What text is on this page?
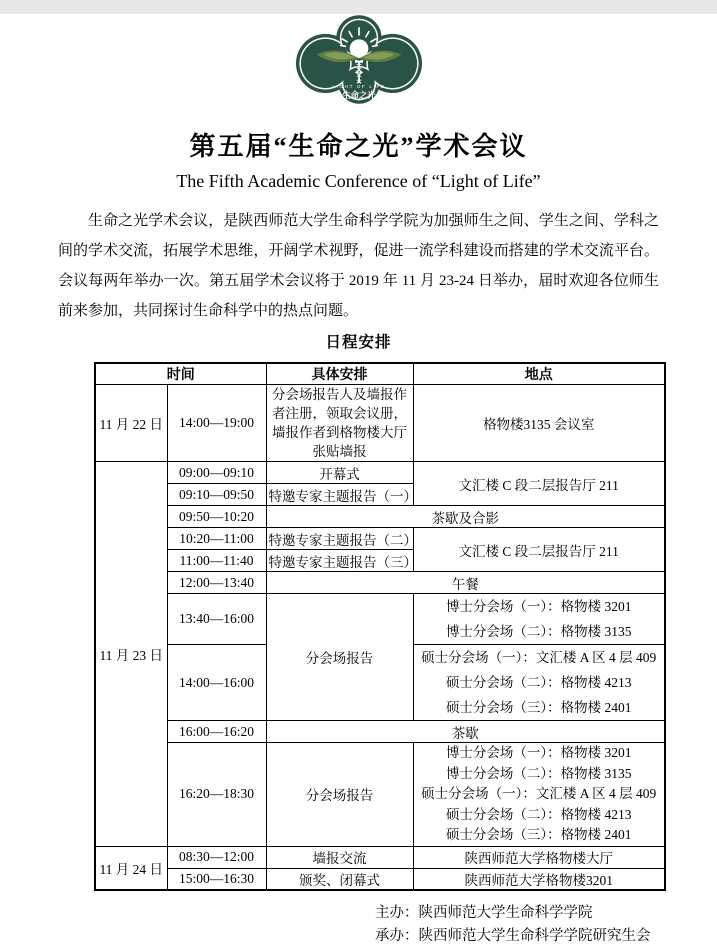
LIGHT OF LIFE
生命之光
第五届“生命之光”学术会议
The Fifth Academic Conference of “Light of Life”

生命之光学术会议，是陕西师范大学生命科学学院为加强师生之间、学生之间、学科之间的学术交流，拓展学术思维，开阔学术视野，促进一流学科建设而搭建的学术交流平台。会议每两年举办一次。第五届学术会议将于 2019 年 11 月 23-24 日举办，届时欢迎各位师生前来参加，共同探讨生命科学中的热点问题。

日程安排
时间		具体安排	地点
11 月 22 日	14:00—19:00	分会场报告人及墙报作者注册，领取会议册，墙报作者到格物楼大厅张贴墙报	格物楼3135 会议室
11 月 23 日	09:00—09:10	开幕式	文汇楼 C 段二层报告厅 211
	09:10—09:50	特邀专家主题报告（一）	
	09:50—10:20	茶歇及合影	
	10:20—11:00	特邀专家主题报告（二）	文汇楼 C 段二层报告厅 211
	11:00—11:40	特邀专家主题报告（三）	
	12:00—13:40	午餐	
	13:40—16:00	分会场报告	博士分会场（一）：格物楼 3201
博士分会场（二）：格物楼 3135

	14:00—16:00		硕士分会场（一）：文汇楼 A 区 4 层 409
硕士分会场（二）：格物楼 4213
硕士分会场（三）：格物楼 2401

	16:00—16:20	茶歇	
	16:20—18:30	分会场报告	博士分会场（一）：格物楼 3201
博士分会场（二）：格物楼 3135
硕士分会场（一）：文汇楼 A 区 4 层 409
硕士分会场（二）：格物楼 4213
硕士分会场（三）：格物楼 2401

11 月 24 日	08:30—12:00	墙报交流	陕西师范大学格物楼大厅
	15:00—16:30	颁奖、闭幕式	陕西师范大学格物楼3201
主办：陕西师范大学生命科学学院
承办：陕西师范大学生命科学学院研究生会
